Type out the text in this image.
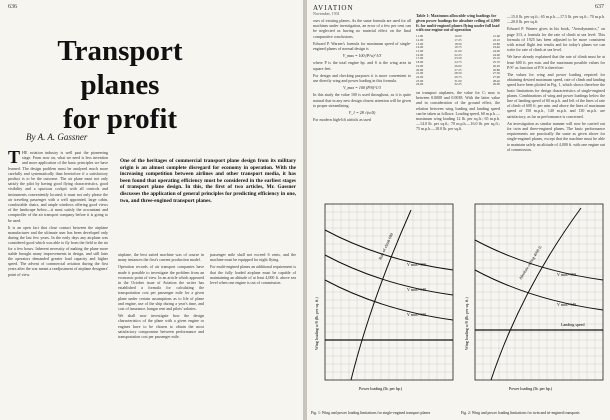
636
Transport planes
for profit
By A. A. Gassner
One of the heritages of commercial transport plane design from its military origin is an almost complete disregard for economy in operation. With the increasing competition between airlines and other transport media, it has been found that operating efficiency must be considered in the earliest stages of transport plane design. In this, the first of two articles, Mr. Gassner discusses the application of general principles for predicting efficiency in one, two, and three-engined transport planes.

THE aviation industry is well past the pioneering stage. From now on, what we need is less invention and more application of the basic principles we have learned. The design problem must be analyzed much more carefully and systematically than heretofore if a satisfactory product is to be the outcome. The air plane must not only satisfy the pilot by having good flying characteristics, good visibility and a spacious cockpit with all controls and instruments conveniently located; it must not only please the air traveling passenger with a well appointed, large cabin, comfortable chairs, and ample windows offering good views of the landscape below—it must satisfy the accountant and comptroller of the air transport company before it is going to be used.

It is an open fact that close contact between the airplane manufacturer and the ultimate user has been developed only during the last few years. In the early days any airplane was considered good which was able to fly from the field to the air for a few hours. Inherent necessity of making the plane more stable brought many improvements in design, and still later the operators demanded greater load capacity and higher speed. The advent of commercial aviation during the first years after the war meant a readjustment of airplane designers' point of view.

airplane, the best suited machine was of course in many instances the first's current production model.

Operation records of air transport companies have made it possible to investigate the problem from an economic point of view. In an article which appeared in the October issue of Aviation the writer has established a formula for calculating the transportation cost per passenger mile for a given plane under certain assumptions as to life of plane and engine, use of the ship during a year's time, and cost of insurance, hangar rent and pilots' salaries.

We shall now investigate how the design characteristics of the plane with a given engine or engines have to be chosen to obtain the most satisfactory compromise between performance and transportation cost per passenger mile.

passenger mile shall not exceed 6 cents, and the machine must be equipped for night flying.

For multi-engined planes an additional requirement is that the fully loaded airplane must be capable of maintaining an altitude of at least 4,000 ft. above sea level when one engine is out of commission.

AVIATION
November, 1931
637

oses of existing planes. As the same formula are used for all machines under investigation, an error of a few per cent can be neglected as having no material effect on the final comparative conclusions.

Edward P. Warner's formula for maximum speed of single-engined planes of normal design is

V_max = 100 (P/w)^1/3

where P is the total engine hp. and S is the wing area in square feet.

For design and checking purposes it is more convenient to use directly wing and power loading in this formula.

V_max = 100 (P/S)^1/3

In this study the value 100 is used throughout, as it is quite natural that in any new design closest attention will be given to proper streamlining.

V_1 = 28 √(w/S)

For modern high-lift airfoils as used

Table 1: Maximum allowable wing loadings for given power loadings for absolute ceiling of 4,000 ft. for multi-engined planes flying under full load with one engine out of operation
11.00	16.00	21.60
12.00	17.25	22.10
13.00	18.50	22.80
14.00	19.75	23.40
15.00	21.00	24.00
16.00	22.25	24.60
17.00	23.50	25.10
18.00	24.75	25.70
19.00	26.00	26.20
20.00	27.25	26.80
21.00	28.50	27.30
22.00	29.75	27.90
23.00	31.00	28.40
24.00	32.25	29.00
on transport airplanes, the value for Cₗ max is between 0.0008 and 0.0038. With the latter value and in consideration of the ground effect, the relation between wing loading and landing speed can be taken as follows: Loading speed, 60 m.p.h.—maximum wing loading 12 lb. per sq.ft.; 65 m.p.h.—14.0 lb. per sq.ft.; 70 m.p.h.—16.0 lb. per sq.ft.; 75 m.p.h.—18.0 lb. per sq.ft.

—15.0 lb. per sq.ft.; 65 m.p.h.—17.5 lb. per sq.ft.; 70 m.p.h.—20.0 lb. per sq.ft.

Edward P. Warner gives in his book, "Aerodynamics," on page 313, a formula for the rate of climb at sea level. This formula of 1925 has been adjusted to be more consistent with actual flight test results and for today's planes we can write for rate of climb at sea level.

We have already explained that the rate of climb must be at least 600 ft. per min. and the maximum possible values for P/S° as function of P/S is therefore:

The values for wing and power loading required for obtaining desired maximum speed, rate of climb and landing speed have been plotted in Fig. 1, which shows therefore the basic limitations for design characteristics of single-engined planes. Combinations of wing and power loadings below the line of landing speed of 60 m.p.h. and left of the lines of rate of climb of 600 ft. per min. and above the lines of maximum speed of 150 m.p.h., 140 m.p.h. and 130 m.p.h. are satisfactory, as far as performance is concerned.

An investigation as similar manner will now be carried out for twin and three-engined planes. The basic performance requirements are practically the same as given above for single-engined planes, except that the machine must be able to maintain safely an altitude of 4,000 ft. with one engine out of commission.

V max=150
V max=140
V max=130
Rate of climb 600
Wing loading w/S (lb. per sq. ft.)
Power loading (lb. per hp.)
Fig. 1: Wing and power loading limitations for single-engined transport planes
V max=150
V max=140
Absolute ceiling 4000 ft.
Landing speed
Wing loading w/S (lb. per sq. ft.)
Power loading (lb. per hp.)
Fig. 2: Wing and power loading limitations for twin and tri-engined transports
